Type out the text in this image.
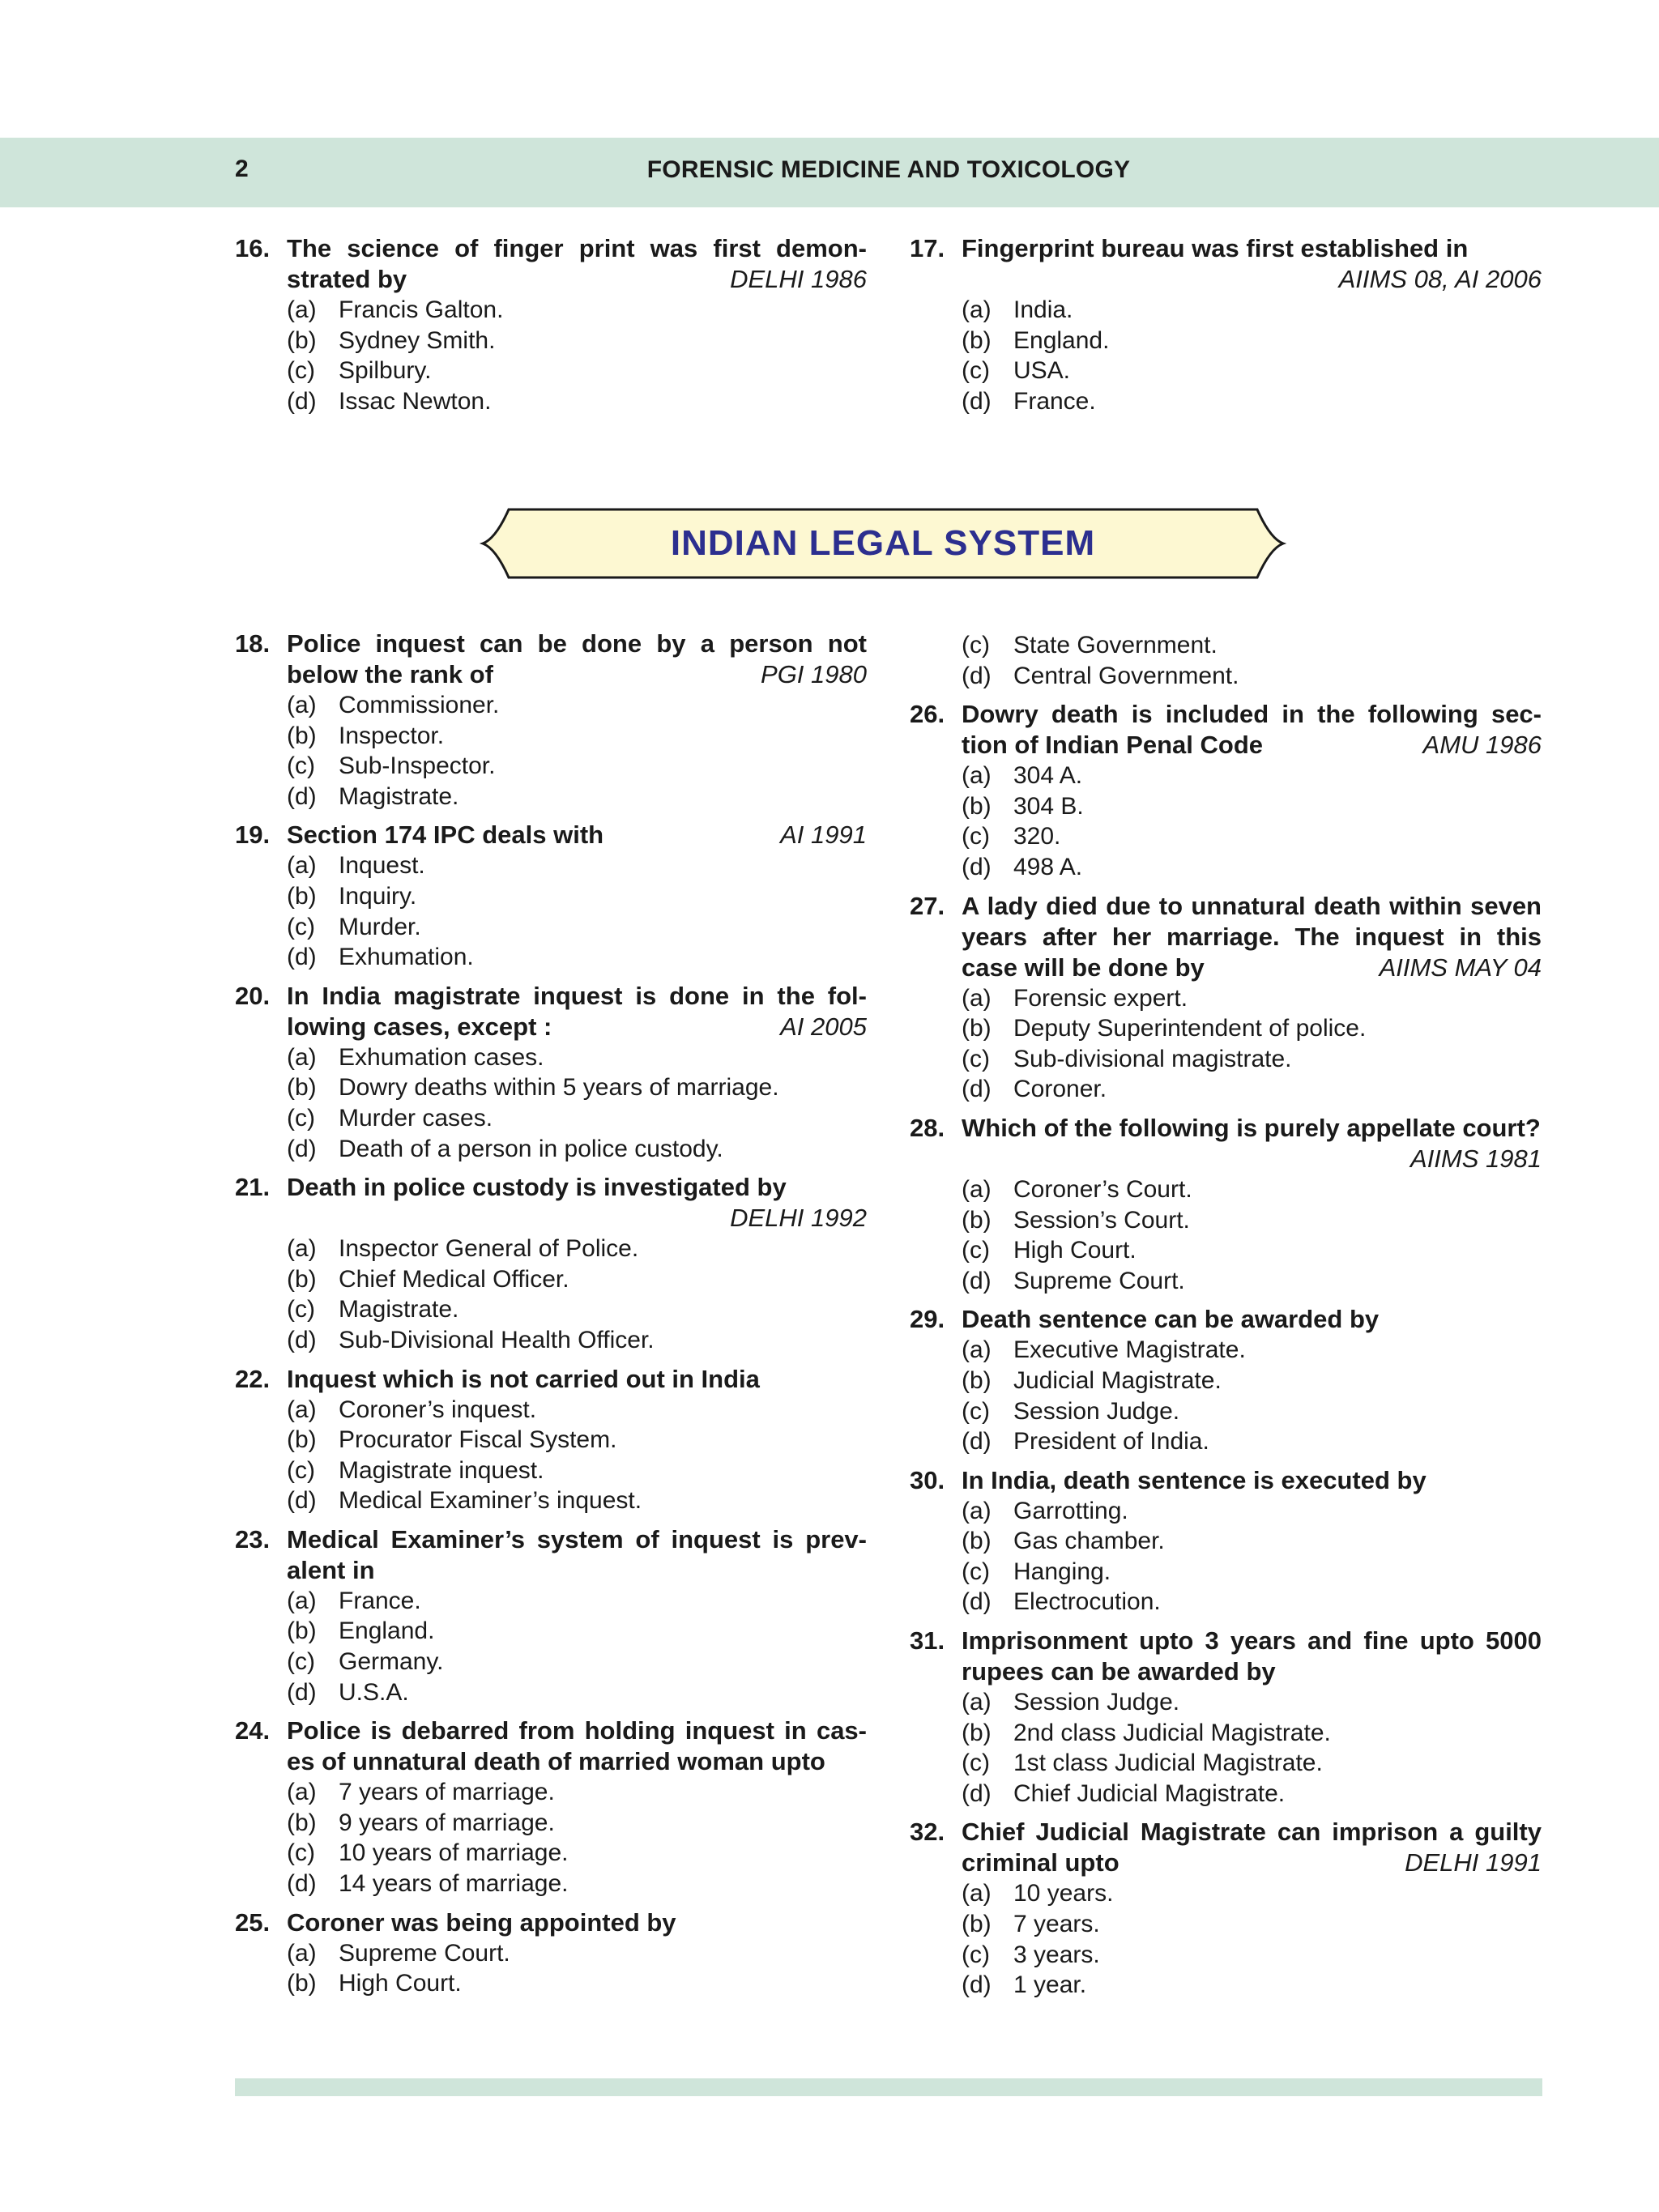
2	FORENSIC MEDICINE AND TOXICOLOGY
16. The science of finger print was first demon-strated by	DELHI 1986
(a) Francis Galton.
(b) Sydney Smith.
(c) Spilbury.
(d) Issac Newton.
17. Fingerprint bureau was first established in
AIIMS 08, AI 2006
(a) India.
(b) England.
(c) USA.
(d) France.
INDIAN LEGAL SYSTEM
18. Police inquest can be done by a person not below the rank of	PGI 1980
(a) Commissioner.
(b) Inspector.
(c) Sub-Inspector.
(d) Magistrate.
19. Section 174 IPC deals with	AI 1991
(a) Inquest.
(b) Inquiry.
(c) Murder.
(d) Exhumation.
20. In India magistrate inquest is done in the fol-lowing cases, except :	AI 2005
(a) Exhumation cases.
(b) Dowry deaths within 5 years of marriage.
(c) Murder cases.
(d) Death of a person in police custody.
21. Death in police custody is investigated by
DELHI 1992
(a) Inspector General of Police.
(b) Chief Medical Officer.
(c) Magistrate.
(d) Sub-Divisional Health Officer.
22. Inquest which is not carried out in India
(a) Coroner’s inquest.
(b) Procurator Fiscal System.
(c) Magistrate inquest.
(d) Medical Examiner’s inquest.
23. Medical Examiner’s system of inquest is prev-alent in
(a) France.
(b) England.
(c) Germany.
(d) U.S.A.
24. Police is debarred from holding inquest in cas-es of unnatural death of married woman upto
(a) 7 years of marriage.
(b) 9 years of marriage.
(c) 10 years of marriage.
(d) 14 years of marriage.
25. Coroner was being appointed by
(a) Supreme Court.
(b) High Court.
(c) State Government.
(d) Central Government.
26. Dowry death is included in the following sec-tion of Indian Penal Code	AMU 1986
(a) 304 A.
(b) 304 B.
(c) 320.
(d) 498 A.
27. A lady died due to unnatural death within seven years after her marriage. The inquest in this case will be done by	AIIMS MAY 04
(a) Forensic expert.
(b) Deputy Superintendent of police.
(c) Sub-divisional magistrate.
(d) Coroner.
28. Which of the following is purely appellate court?
AIIMS 1981
(a) Coroner’s Court.
(b) Session’s Court.
(c) High Court.
(d) Supreme Court.
29. Death sentence can be awarded by
(a) Executive Magistrate.
(b) Judicial Magistrate.
(c) Session Judge.
(d) President of India.
30. In India, death sentence is executed by
(a) Garrotting.
(b) Gas chamber.
(c) Hanging.
(d) Electrocution.
31. Imprisonment upto 3 years and fine upto 5000 rupees can be awarded by
(a) Session Judge.
(b) 2nd class Judicial Magistrate.
(c) 1st class Judicial Magistrate.
(d) Chief Judicial Magistrate.
32. Chief Judicial Magistrate can imprison a guilty criminal upto	DELHI 1991
(a) 10 years.
(b) 7 years.
(c) 3 years.
(d) 1 year.
